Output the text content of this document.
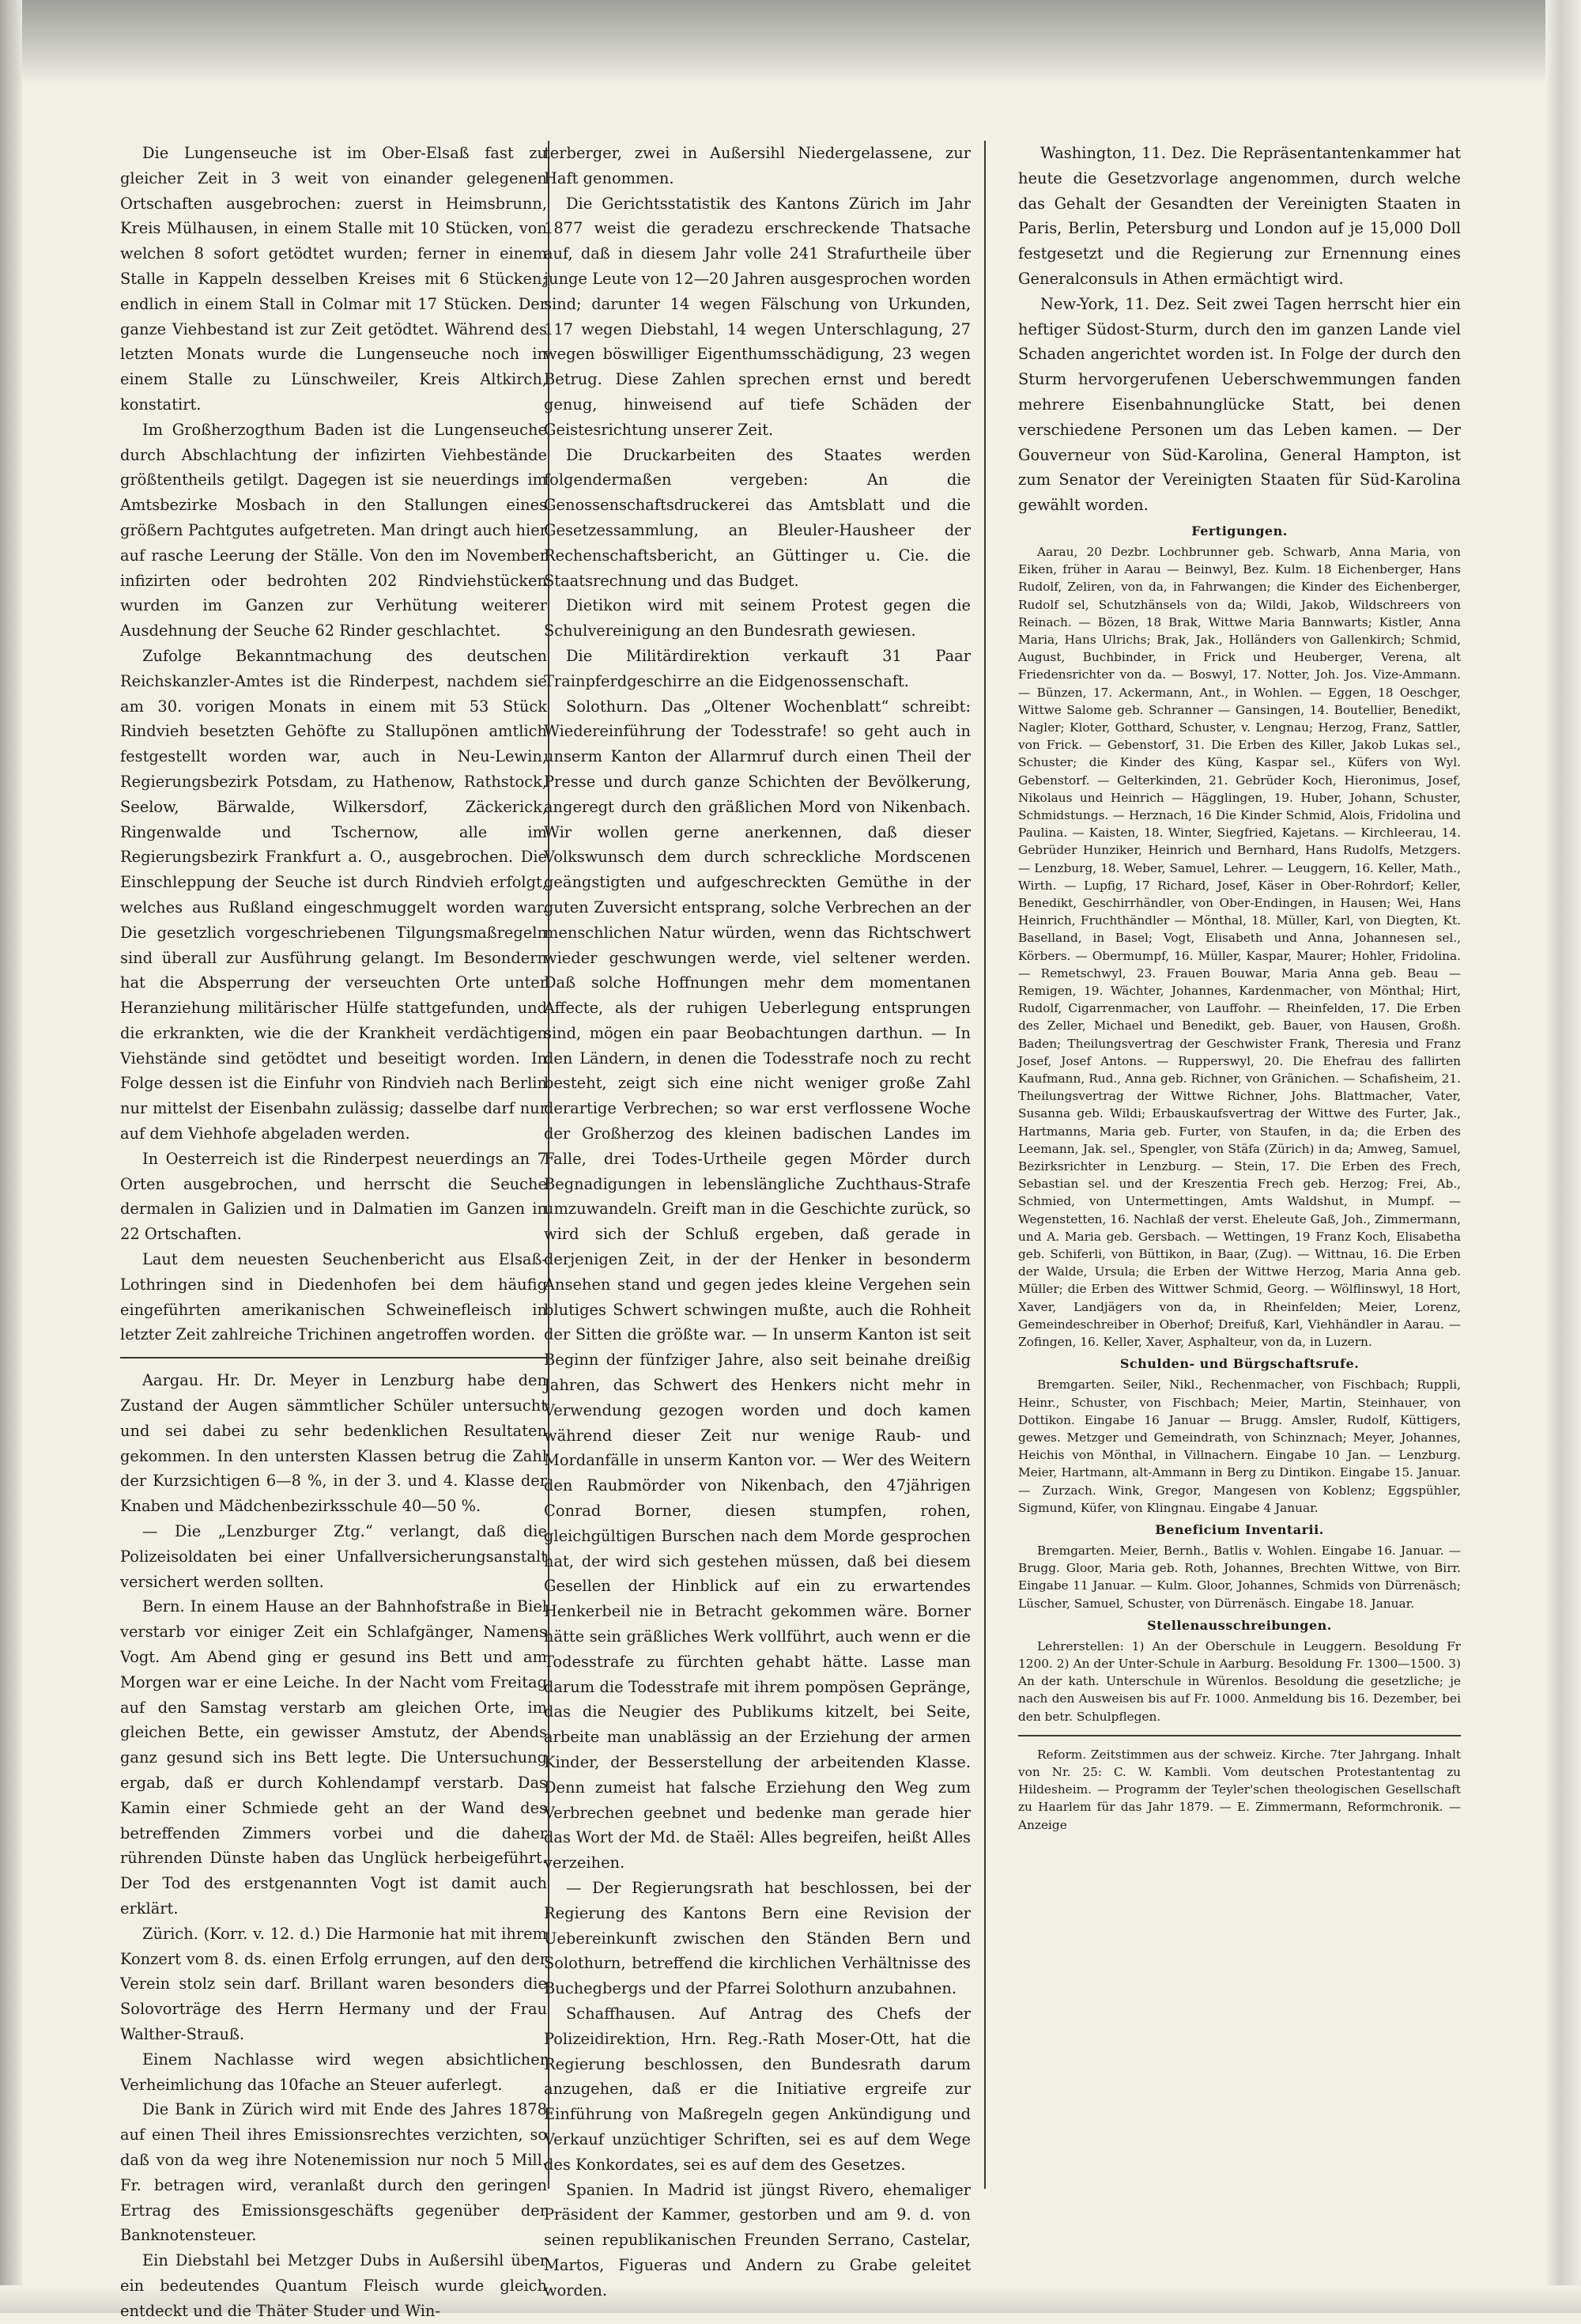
Die Lungenseuche ist im Ober-Elsaß fast zu gleicher Zeit in 3 weit von einander gelegenen Ortschaften ausgebrochen: zuerst in Heimsbrunn, Kreis Mülhausen, in einem Stalle mit 10 Stücken, von welchen 8 sofort getödtet wurden; ferner in einem Stalle in Kappeln desselben Kreises mit 6 Stücken; endlich in einem Stall in Colmar mit 17 Stücken. Der ganze Viehbestand ist zur Zeit getödtet. Während des letzten Monats wurde die Lungenseuche noch in einem Stalle zu Lünschweiler, Kreis Altkirch, konstatirt.

Im Großherzogthum Baden ist die Lungenseuche durch Abschlachtung der infizirten Viehbestände größtentheils getilgt. Dagegen ist sie neuerdings im Amtsbezirke Mosbach in den Stallungen eines größern Pachtgutes aufgetreten. Man dringt auch hier auf rasche Leerung der Ställe. Von den im November infizirten oder bedrohten 202 Rindviehstücken wurden im Ganzen zur Verhütung weiterer Ausdehnung der Seuche 62 Rinder geschlachtet.

Zufolge Bekanntmachung des deutschen Reichskanzler-Amtes ist die Rinderpest, nachdem sie am 30. vorigen Monats in einem mit 53 Stück Rindvieh besetzten Gehöfte zu Stallupönen amtlich festgestellt worden war, auch in Neu-Lewin, Regierungsbezirk Potsdam, zu Hathenow, Rathstock, Seelow, Bärwalde, Wilkersdorf, Zäckerick, Ringenwalde und Tschernow, alle im Regierungsbezirk Frankfurt a. O., ausgebrochen. Die Einschleppung der Seuche ist durch Rindvieh erfolgt, welches aus Rußland eingeschmuggelt worden war. Die gesetzlich vorgeschriebenen Tilgungsmaßregeln sind überall zur Ausführung gelangt. Im Besondern hat die Absperrung der verseuchten Orte unter Heranziehung militärischer Hülfe stattgefunden, und die erkrankten, wie die der Krankheit verdächtigen Viehstände sind getödtet und beseitigt worden. In Folge dessen ist die Einfuhr von Rindvieh nach Berlin nur mittelst der Eisenbahn zulässig; dasselbe darf nur auf dem Viehhofe abgeladen werden.

In Oesterreich ist die Rinderpest neuerdings an 7 Orten ausgebrochen, und herrscht die Seuche dermalen in Galizien und in Dalmatien im Ganzen in 22 Ortschaften.

Laut dem neuesten Seuchenbericht aus Elsaß-Lothringen sind in Diedenhofen bei dem häufig eingeführten amerikanischen Schweinefleisch in letzter Zeit zahlreiche Trichinen angetroffen worden.

Aargau. Hr. Dr. Meyer in Lenzburg habe den Zustand der Augen sämmtlicher Schüler untersucht und sei dabei zu sehr bedenklichen Resultaten gekommen. In den untersten Klassen betrug die Zahl der Kurzsichtigen 6—8 %, in der 3. und 4. Klasse der Knaben und Mädchenbezirksschule 40—50 %.

— Die „Lenzburger Ztg.“ verlangt, daß die Polizeisoldaten bei einer Unfallversicherungsanstalt versichert werden sollten.

Bern. In einem Hause an der Bahnhofstraße in Biel verstarb vor einiger Zeit ein Schlafgänger, Namens Vogt. Am Abend ging er gesund ins Bett und am Morgen war er eine Leiche. In der Nacht vom Freitag auf den Samstag verstarb am gleichen Orte, im gleichen Bette, ein gewisser Amstutz, der Abends ganz gesund sich ins Bett legte. Die Untersuchung ergab, daß er durch Kohlendampf verstarb. Das Kamin einer Schmiede geht an der Wand des betreffenden Zimmers vorbei und die daher rührenden Dünste haben das Unglück herbeigeführt. Der Tod des erstgenannten Vogt ist damit auch erklärt.

Zürich. (Korr. v. 12. d.) Die Harmonie hat mit ihrem Konzert vom 8. ds. einen Erfolg errungen, auf den der Verein stolz sein darf. Brillant waren besonders die Solovorträge des Herrn Hermany und der Frau Walther-Strauß.

Einem Nachlasse wird wegen absichtlicher Verheimlichung das 10fache an Steuer auferlegt.

Die Bank in Zürich wird mit Ende des Jahres 1878 auf einen Theil ihres Emissionsrechtes verzichten, so daß von da weg ihre Notenemission nur noch 5 Mill. Fr. betragen wird, veranlaßt durch den geringen Ertrag des Emissionsgeschäfts gegenüber der Banknotensteuer.

Ein Diebstahl bei Metzger Dubs in Außersihl über ein bedeutendes Quantum Fleisch wurde gleich entdeckt und die Thäter Studer und Win-

terberger, zwei in Außersihl Niedergelassene, zur Haft genommen.

Die Gerichtsstatistik des Kantons Zürich im Jahr 1877 weist die geradezu erschreckende Thatsache auf, daß in diesem Jahr volle 241 Strafurtheile über junge Leute von 12—20 Jahren ausgesprochen worden sind; darunter 14 wegen Fälschung von Urkunden, 117 wegen Diebstahl, 14 wegen Unterschlagung, 27 wegen böswilliger Eigenthumsschädigung, 23 wegen Betrug. Diese Zahlen sprechen ernst und beredt genug, hinweisend auf tiefe Schäden der Geistesrichtung unserer Zeit.

Die Druckarbeiten des Staates werden folgendermaßen vergeben: An die Genossenschaftsdruckerei das Amtsblatt und die Gesetzessammlung, an Bleuler-Hausheer der Rechenschaftsbericht, an Güttinger u. Cie. die Staatsrechnung und das Budget.

Dietikon wird mit seinem Protest gegen die Schulvereinigung an den Bundesrath gewiesen.

Die Militärdirektion verkauft 31 Paar Trainpferdgeschirre an die Eidgenossenschaft.

Solothurn. Das „Oltener Wochenblatt“ schreibt: Wiedereinführung der Todesstrafe! so geht auch in unserm Kanton der Allarmruf durch einen Theil der Presse und durch ganze Schichten der Bevölkerung, angeregt durch den gräßlichen Mord von Nikenbach. Wir wollen gerne anerkennen, daß dieser Volkswunsch dem durch schreckliche Mordscenen geängstigten und aufgeschreckten Gemüthe in der guten Zuversicht entsprang, solche Verbrechen an der menschlichen Natur würden, wenn das Richtschwert wieder geschwungen werde, viel seltener werden. Daß solche Hoffnungen mehr dem momentanen Affecte, als der ruhigen Ueberlegung entsprungen sind, mögen ein paar Beobachtungen darthun. — In den Ländern, in denen die Todesstrafe noch zu recht besteht, zeigt sich eine nicht weniger große Zahl derartige Verbrechen; so war erst verflossene Woche der Großherzog des kleinen badischen Landes im Falle, drei Todes-Urtheile gegen Mörder durch Begnadigungen in lebenslängliche Zuchthaus-Strafe umzuwandeln. Greift man in die Geschichte zurück, so wird sich der Schluß ergeben, daß gerade in derjenigen Zeit, in der der Henker in besonderm Ansehen stand und gegen jedes kleine Vergehen sein blutiges Schwert schwingen mußte, auch die Rohheit der Sitten die größte war. — In unserm Kanton ist seit Beginn der fünfziger Jahre, also seit beinahe dreißig Jahren, das Schwert des Henkers nicht mehr in Verwendung gezogen worden und doch kamen während dieser Zeit nur wenige Raub- und Mordanfälle in unserm Kanton vor. — Wer des Weitern den Raubmörder von Nikenbach, den 47jährigen Conrad Borner, diesen stumpfen, rohen, gleichgültigen Burschen nach dem Morde gesprochen hat, der wird sich gestehen müssen, daß bei diesem Gesellen der Hinblick auf ein zu erwartendes Henkerbeil nie in Betracht gekommen wäre. Borner hätte sein gräßliches Werk vollführt, auch wenn er die Todesstrafe zu fürchten gehabt hätte. Lasse man darum die Todesstrafe mit ihrem pompösen Gepränge, das die Neugier des Publikums kitzelt, bei Seite, arbeite man unablässig an der Erziehung der armen Kinder, der Besserstellung der arbeitenden Klasse. Denn zumeist hat falsche Erziehung den Weg zum Verbrechen geebnet und bedenke man gerade hier das Wort der Md. de Staël: Alles begreifen, heißt Alles verzeihen.

— Der Regierungsrath hat beschlossen, bei der Regierung des Kantons Bern eine Revision der Uebereinkunft zwischen den Ständen Bern und Solothurn, betreffend die kirchlichen Verhältnisse des Buchegbergs und der Pfarrei Solothurn anzubahnen.

Schaffhausen. Auf Antrag des Chefs der Polizeidirektion, Hrn. Reg.-Rath Moser-Ott, hat die Regierung beschlossen, den Bundesrath darum anzugehen, daß er die Initiative ergreife zur Einführung von Maßregeln gegen Ankündigung und Verkauf unzüchtiger Schriften, sei es auf dem Wege des Konkordates, sei es auf dem des Gesetzes.

Spanien. In Madrid ist jüngst Rivero, ehemaliger Präsident der Kammer, gestorben und am 9. d. von seinen republikanischen Freunden Serrano, Castelar, Martos, Figueras und Andern zu Grabe geleitet worden.

Washington, 11. Dez. Die Repräsentantenkammer hat heute die Gesetzvorlage angenommen, durch welche das Gehalt der Gesandten der Vereinigten Staaten in Paris, Berlin, Petersburg und London auf je 15,000 Doll festgesetzt und die Regierung zur Ernennung eines Generalconsuls in Athen ermächtigt wird.

New-York, 11. Dez. Seit zwei Tagen herrscht hier ein heftiger Südost-Sturm, durch den im ganzen Lande viel Schaden angerichtet worden ist. In Folge der durch den Sturm hervorgerufenen Ueberschwemmungen fanden mehrere Eisenbahnunglücke Statt, bei denen verschiedene Personen um das Leben kamen. — Der Gouverneur von Süd-Karolina, General Hampton, ist zum Senator der Vereinigten Staaten für Süd-Karolina gewählt worden.

Fertigungen.

Aarau, 20 Dezbr. Lochbrunner geb. Schwarb, Anna Maria, von Eiken, früher in Aarau — Beinwyl, Bez. Kulm. 18 Eichenberger, Hans Rudolf, Zeliren, von da, in Fahrwangen; die Kinder des Eichenberger, Rudolf sel, Schutzhänsels von da; Wildi, Jakob, Wildschreers von Reinach. — Bözen, 18 Brak, Wittwe Maria Bannwarts; Kistler, Anna Maria, Hans Ulrichs; Brak, Jak., Holländers von Gallenkirch; Schmid, August, Buchbinder, in Frick und Heuberger, Verena, alt Friedensrichter von da. — Boswyl, 17. Notter, Joh. Jos. Vize-Ammann. — Bünzen, 17. Ackermann, Ant., in Wohlen. — Eggen, 18 Oeschger, Wittwe Salome geb. Schranner — Gansingen, 14. Boutellier, Benedikt, Nagler; Kloter, Gotthard, Schuster, v. Lengnau; Herzog, Franz, Sattler, von Frick. — Gebenstorf, 31. Die Erben des Killer, Jakob Lukas sel., Schuster; die Kinder des Küng, Kaspar sel., Küfers von Wyl. Gebenstorf. — Gelterkinden, 21. Gebrüder Koch, Hieronimus, Josef, Nikolaus und Heinrich — Hägglingen, 19. Huber, Johann, Schuster, Schmidstungs. — Herznach, 16 Die Kinder Schmid, Alois, Fridolina und Paulina. — Kaisten, 18. Winter, Siegfried, Kajetans. — Kirchleerau, 14. Gebrüder Hunziker, Heinrich und Bernhard, Hans Rudolfs, Metzgers. — Lenzburg, 18. Weber, Samuel, Lehrer. — Leuggern, 16. Keller, Math., Wirth. — Lupfig, 17 Richard, Josef, Käser in Ober-Rohrdorf; Keller, Benedikt, Geschirrhändler, von Ober-Endingen, in Hausen; Wei, Hans Heinrich, Fruchthändler — Mönthal, 18. Müller, Karl, von Diegten, Kt. Baselland, in Basel; Vogt, Elisabeth und Anna, Johannesen sel., Körbers. — Obermumpf, 16. Müller, Kaspar, Maurer; Hohler, Fridolina. — Remetschwyl, 23. Frauen Bouwar, Maria Anna geb. Beau — Remigen, 19. Wächter, Johannes, Kardenmacher, von Mönthal; Hirt, Rudolf, Cigarrenmacher, von Lauffohr. — Rheinfelden, 17. Die Erben des Zeller, Michael und Benedikt, geb. Bauer, von Hausen, Großh. Baden; Theilungsvertrag der Geschwister Frank, Theresia und Franz Josef, Josef Antons. — Rupperswyl, 20. Die Ehefrau des fallirten Kaufmann, Rud., Anna geb. Richner, von Gränichen. — Schafisheim, 21. Theilungsvertrag der Wittwe Richner, Johs. Blattmacher, Vater, Susanna geb. Wildi; Erbauskaufsvertrag der Wittwe des Furter, Jak., Hartmanns, Maria geb. Furter, von Staufen, in da; die Erben des Leemann, Jak. sel., Spengler, von Stäfa (Zürich) in da; Amweg, Samuel, Bezirksrichter in Lenzburg. — Stein, 17. Die Erben des Frech, Sebastian sel. und der Kreszentia Frech geb. Herzog; Frei, Ab., Schmied, von Untermettingen, Amts Waldshut, in Mumpf. — Wegenstetten, 16. Nachlaß der verst. Eheleute Gaß, Joh., Zimmermann, und A. Maria geb. Gersbach. — Wettingen, 19 Franz Koch, Elisabetha geb. Schiferli, von Büttikon, in Baar, (Zug). — Wittnau, 16. Die Erben der Walde, Ursula; die Erben der Wittwe Herzog, Maria Anna geb. Müller; die Erben des Wittwer Schmid, Georg. — Wölflinswyl, 18 Hort, Xaver, Landjägers von da, in Rheinfelden; Meier, Lorenz, Gemeindeschreiber in Oberhof; Dreifuß, Karl, Viehhändler in Aarau. — Zofingen, 16. Keller, Xaver, Asphalteur, von da, in Luzern.

Schulden- und Bürgschaftsrufe.

Bremgarten. Seiler, Nikl., Rechenmacher, von Fischbach; Ruppli, Heinr., Schuster, von Fischbach; Meier, Martin, Steinhauer, von Dottikon. Eingabe 16 Januar — Brugg. Amsler, Rudolf, Küttigers, gewes. Metzger und Gemeindrath, von Schinznach; Meyer, Johannes, Heichis von Mönthal, in Villnachern. Eingabe 10 Jan. — Lenzburg. Meier, Hartmann, alt-Ammann in Berg zu Dintikon. Eingabe 15. Januar. — Zurzach. Wink, Gregor, Mangesen von Koblenz; Eggspühler, Sigmund, Küfer, von Klingnau. Eingabe 4 Januar.

Beneficium Inventarii.

Bremgarten. Meier, Bernh., Batlis v. Wohlen. Eingabe 16. Januar. — Brugg. Gloor, Maria geb. Roth, Johannes, Brechten Wittwe, von Birr. Eingabe 11 Januar. — Kulm. Gloor, Johannes, Schmids von Dürrenäsch; Lüscher, Samuel, Schuster, von Dürrenäsch. Eingabe 18. Januar.

Stellenausschreibungen.

Lehrerstellen: 1) An der Oberschule in Leuggern. Besoldung Fr 1200. 2) An der Unter-Schule in Aarburg. Besoldung Fr. 1300—1500. 3) An der kath. Unterschule in Würenlos. Besoldung die gesetzliche; je nach den Ausweisen bis auf Fr. 1000. Anmeldung bis 16. Dezember, bei den betr. Schulpflegen.

Reform. Zeitstimmen aus der schweiz. Kirche. 7ter Jahrgang. Inhalt von Nr. 25: C. W. Kambli. Vom deutschen Protestantentag zu Hildesheim. — Programm der Teyler'schen theologischen Gesellschaft zu Haarlem für das Jahr 1879. — E. Zimmermann, Reformchronik. — Anzeige
